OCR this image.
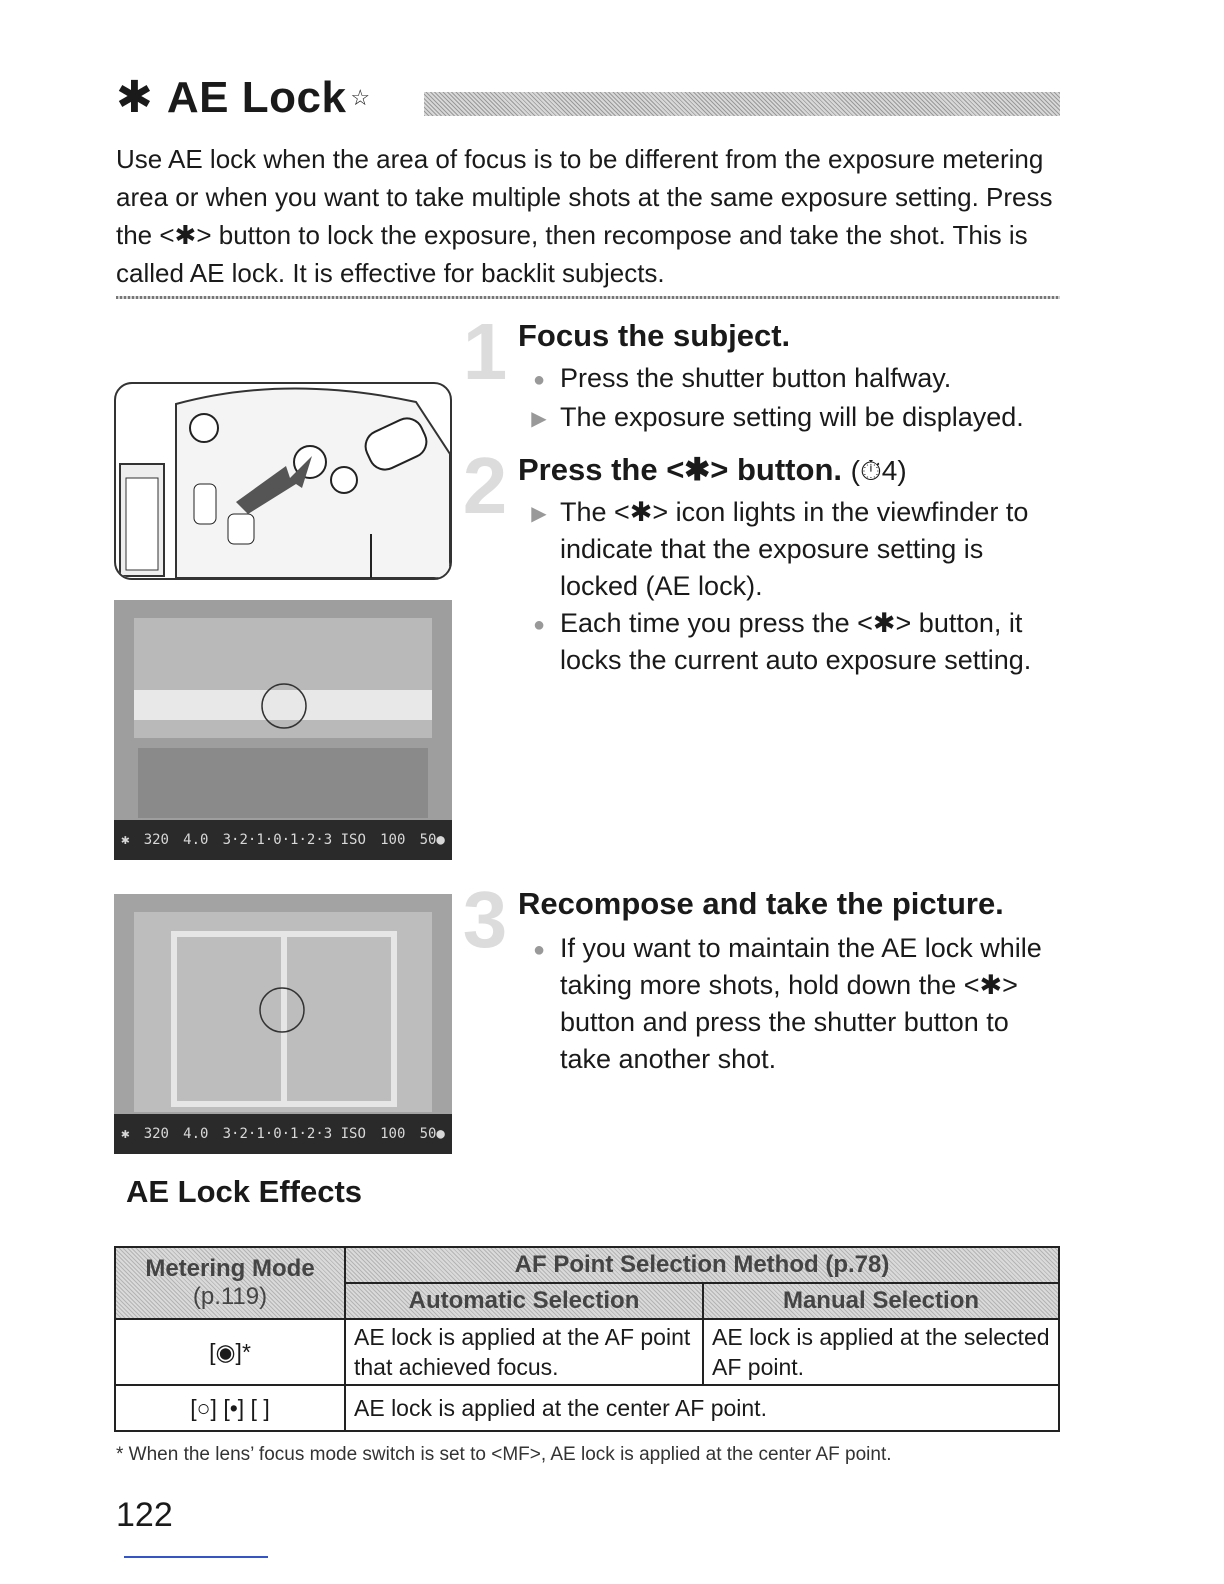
✱ AE Lock ☆
Use AE lock when the area of focus is to be different from the exposure metering area or when you want to take multiple shots at the same exposure setting. Press the <✱> button to lock the exposure, then recompose and take the shot. This is called AE lock. It is effective for backlit subjects.
✱ 320 4.0 3·2·1·0·1·2·3 ISO 100 50●
✱ 320 4.0 3·2·1·0·1·2·3 ISO 100 50●
1 Focus the subject.
● Press the shutter button halfway.
▶ The exposure setting will be displayed.
2 Press the <✱> button. (⏱4)
▶ The <✱> icon lights in the viewfinder to indicate that the exposure setting is locked (AE lock).
● Each time you press the <✱> button, it locks the current auto exposure setting.
3 Recompose and take the picture.
● If you want to maintain the AE lock while taking more shots, hold down the <✱> button and press the shutter button to take another shot.
AE Lock Effects
Metering Mode
(p.119)	AF Point Selection Method (p.78)	
	Automatic Selection	Manual Selection
[◉]*	AE lock is applied at the AF point that achieved focus.	AE lock is applied at the selected AF point.
[○] [•] [ ]	AE lock is applied at the center AF point.	
* When the lens’ focus mode switch is set to <MF>, AE lock is applied at the center AF point.
122
